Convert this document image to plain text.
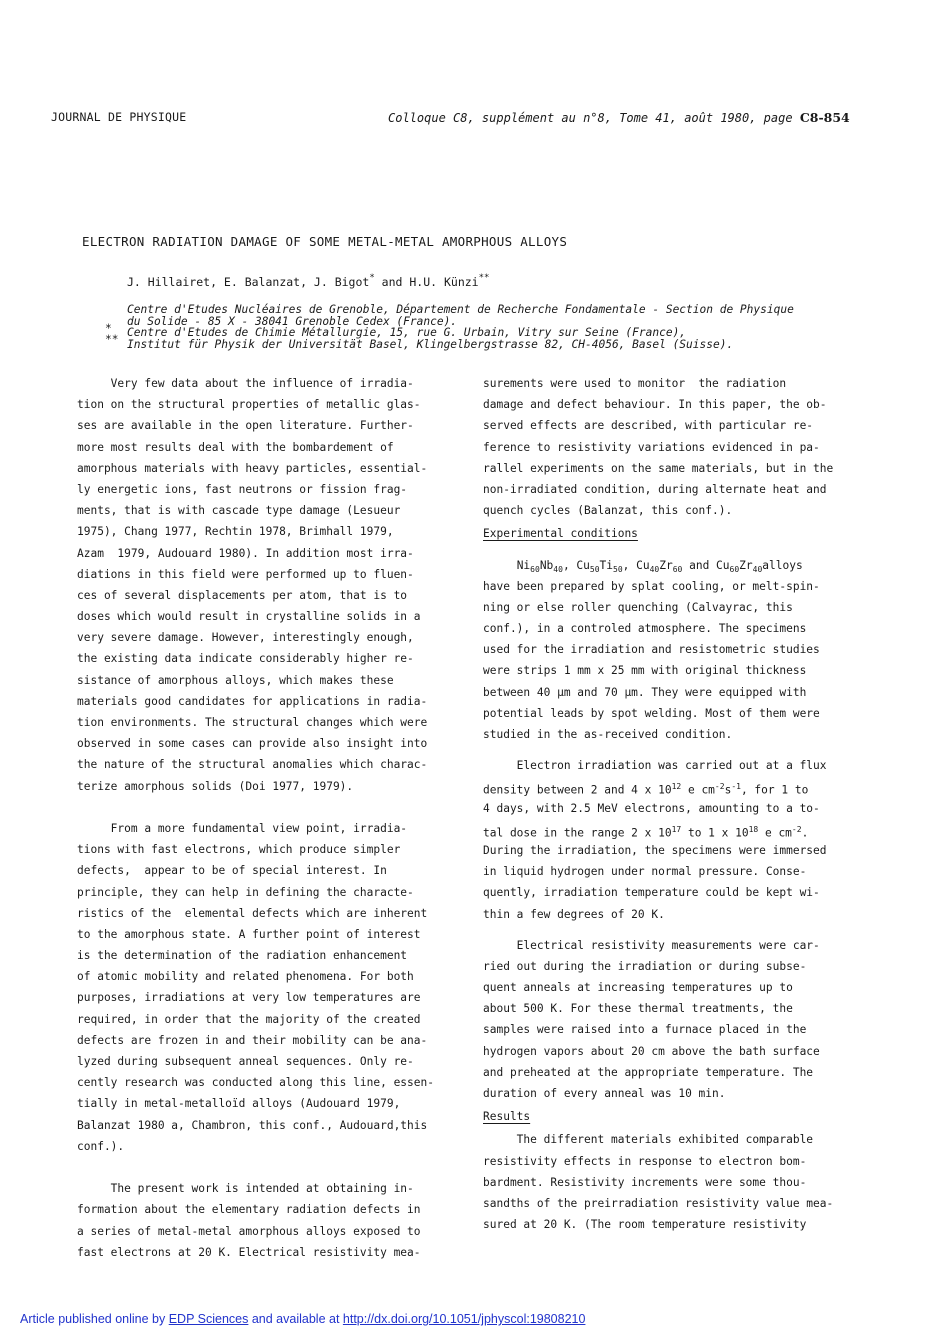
JOURNAL DE PHYSIQUE	Colloque C8, supplément au n°8, Tome 41, août 1980, page C8-854
ELECTRON RADIATION DAMAGE OF SOME METAL-METAL AMORPHOUS ALLOYS
J. Hillairet, E. Balanzat, J. Bigot* and H.U. Künzi**
Centre d'Etudes Nucléaires de Grenoble, Département de Recherche Fondamentale - Section de Physique
*
du Solide - 85 X - 38041 Grenoble Cedex (France).
**
Centre d'Etudes de Chimie Métallurgie, 15, rue G. Urbain, Vitry sur Seine (France),
Institut für Physik der Universität Basel, Klingelbergstrasse 82, CH-4056, Basel (Suisse).
Very few data about the influence of irradia-
tion on the structural properties of metallic glas-
ses are available in the open literature. Further-
more most results deal with the bombardement of
amorphous materials with heavy particles, essential-
ly energetic ions, fast neutrons or fission frag-
ments, that is with cascade type damage (Lesueur
1975), Chang 1977, Rechtin 1978, Brimhall 1979,
Azam  1979, Audouard 1980). In addition most irra-
diations in this field were performed up to fluen-
ces of several displacements per atom, that is to
doses which would result in crystalline solids in a
very severe damage. However, interestingly enough,
the existing data indicate considerably higher re-
sistance of amorphous alloys, which makes these
materials good candidates for applications in radia-
tion environments. The structural changes which were
observed in some cases can provide also insight into
the nature of the structural anomalies which charac-
terize amorphous solids (Doi 1977, 1979).
From a more fundamental view point, irradia-
tions with fast electrons, which produce simpler
defects,  appear to be of special interest. In
principle, they can help in defining the characte-
ristics of the  elemental defects which are inherent
to the amorphous state. A further point of interest
is the determination of the radiation enhancement
of atomic mobility and related phenomena. For both
purposes, irradiations at very low temperatures are
required, in order that the majority of the created
defects are frozen in and their mobility can be ana-
lyzed during subsequent anneal sequences. Only re-
cently research was conducted along this line, essen-
tially in metal-metalloïd alloys (Audouard 1979,
Balanzat 1980 a, Chambron, this conf., Audouard,this
conf.).
The present work is intended at obtaining in-
formation about the elementary radiation defects in
a series of metal-metal amorphous alloys exposed to
fast electrons at 20 K. Electrical resistivity mea-
surements were used to monitor  the radiation
damage and defect behaviour. In this paper, the ob-
served effects are described, with particular re-
ference to resistivity variations evidenced in pa-
rallel experiments on the same materials, but in the
non-irradiated condition, during alternate heat and
quench cycles (Balanzat, this conf.).
Experimental conditions
$Ni_{60}Nb_{40}$, $Cu_{50}Ti_{50}$, $Cu_{40}Zr_{60}$ and $Cu_{60}Zr_{40}alloys$
have been prepared by splat cooling, or melt-spin-
ning or else roller quenching (Calvayrac, this
conf.), in a controled atmosphere. The specimens
used for the irradiation and resistometric studies
were strips 1 mm x 25 mm with original thickness
between 40 µm and 70 µm. They were equipped with
potential leads by spot welding. Most of them were
studied in the as-received condition.
Electron irradiation was carried out at a flux
density between 2 and 4 x $10^{12}$ e $cm^{-2}s^{-1}$, for 1 to
4 days, with 2.5 MeV electrons, amounting to a to-
tal dose in the range 2 x $10^{17}$ to 1 x $10^{18}$ e $cm^{-2}$.
During the irradiation, the specimens were immersed
in liquid hydrogen under normal pressure. Conse-
quently, irradiation temperature could be kept wi-
thin a few degrees of 20 K.
Electrical resistivity measurements were car-
ried out during the irradiation or during subse-
quent anneals at increasing temperatures up to
about 500 K. For these thermal treatments, the
samples were raised into a furnace placed in the
hydrogen vapors about 20 cm above the bath surface
and preheated at the appropriate temperature. The
duration of every anneal was 10 min.
Results
The different materials exhibited comparable
resistivity effects in response to electron bom-
bardment. Resistivity increments were some thou-
sandths of the preirradiation resistivity value mea-
sured at 20 K. (The room temperature resistivity
Article published online by EDP Sciences and available at http://dx.doi.org/10.1051/jphyscol:19808210
